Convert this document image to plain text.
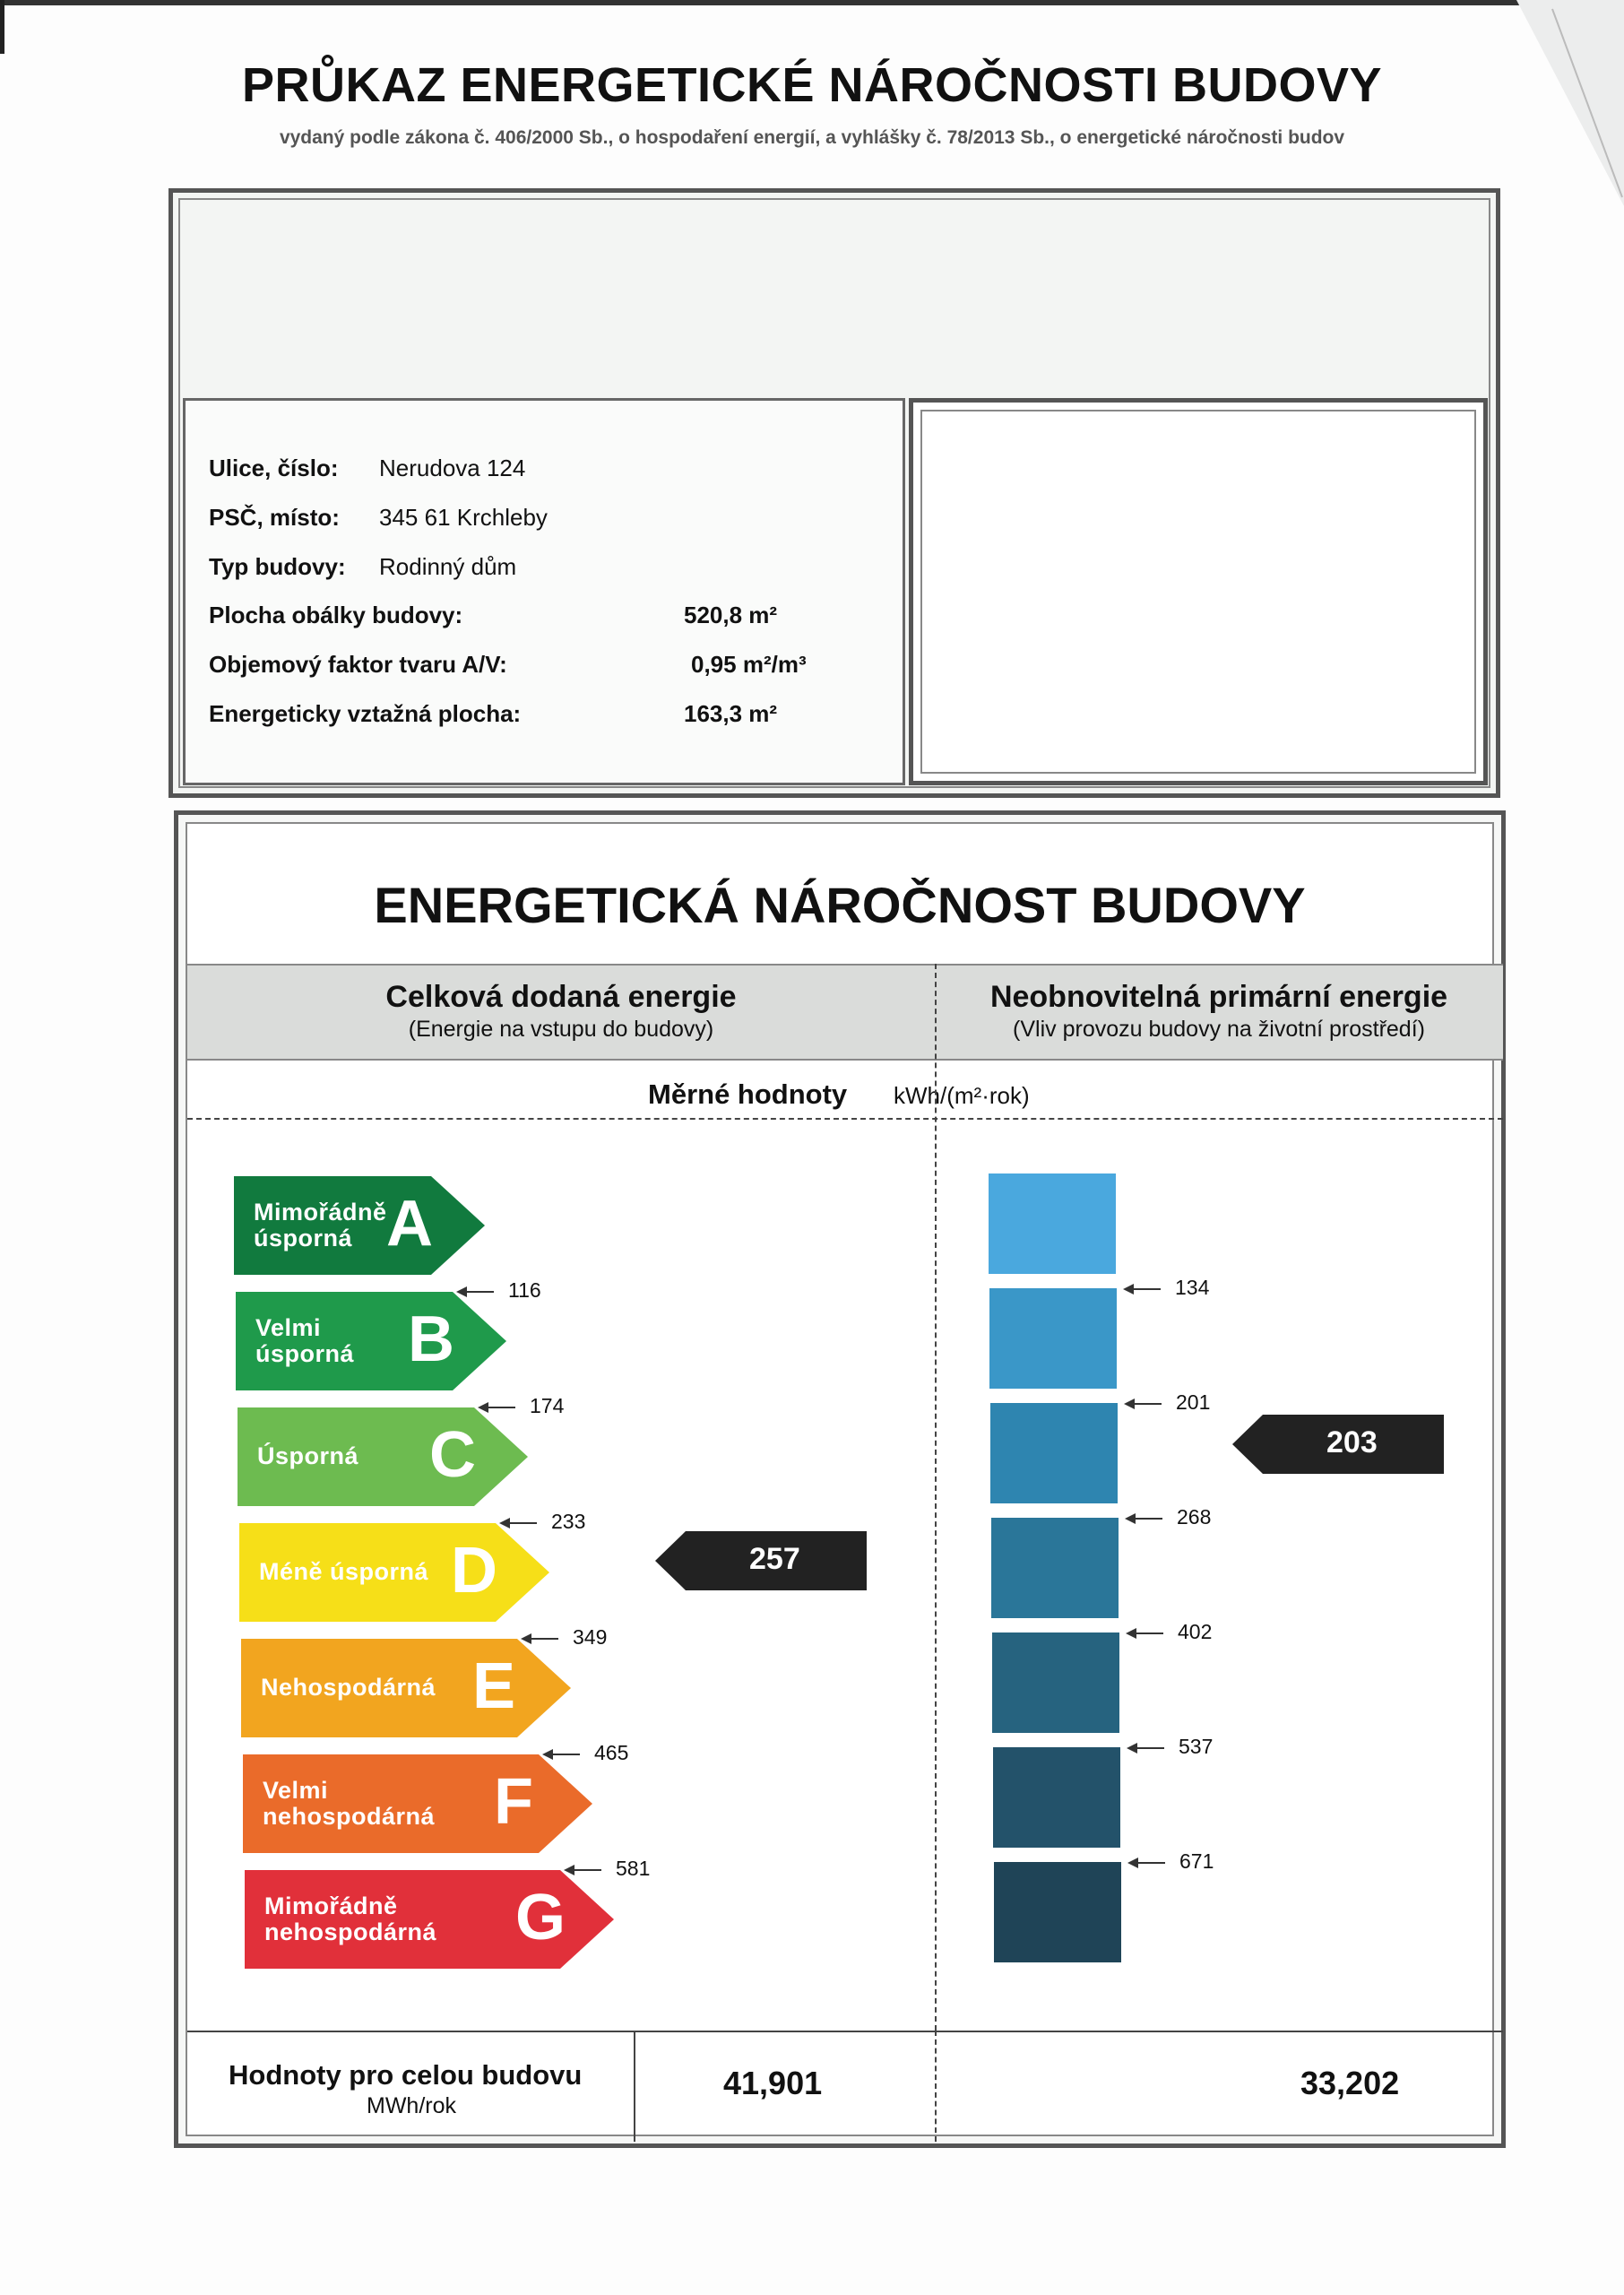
PRŮKAZ ENERGETICKÉ NÁROČNOSTI BUDOVY
vydaný podle zákona č. 406/2000 Sb., o hospodaření energií, a vyhlášky č. 78/2013 Sb., o energetické náročnosti budov
Ulice, číslo: Nerudova 124
PSČ, místo: 345 61 Krchleby
Typ budovy: Rodinný dům
Plocha obálky budovy:	520,8 m²
Objemový faktor tvaru A/V:	0,95 m²/m³
Energeticky vztažná plocha:	163,3 m²
ENERGETICKÁ NÁROČNOST BUDOVY
Celková dodaná energie
(Energie na vstupu do budovy)
Neobnovitelná primární energie
(Vliv provozu budovy na životní prostředí)
Měrné hodnoty kWh/(m²·rok)
Mimořádně
úsporná A
Velmi
úsporná B
Úsporná C
Méně úsporná D
Nehospodárná E
Velmi
nehospodárná F
Mimořádně
nehospodárná G
116
174
233
349
465
581
257
134
201
268
402
537
671
203
Hodnoty pro celou budovu
MWh/rok
41,901	33,202
